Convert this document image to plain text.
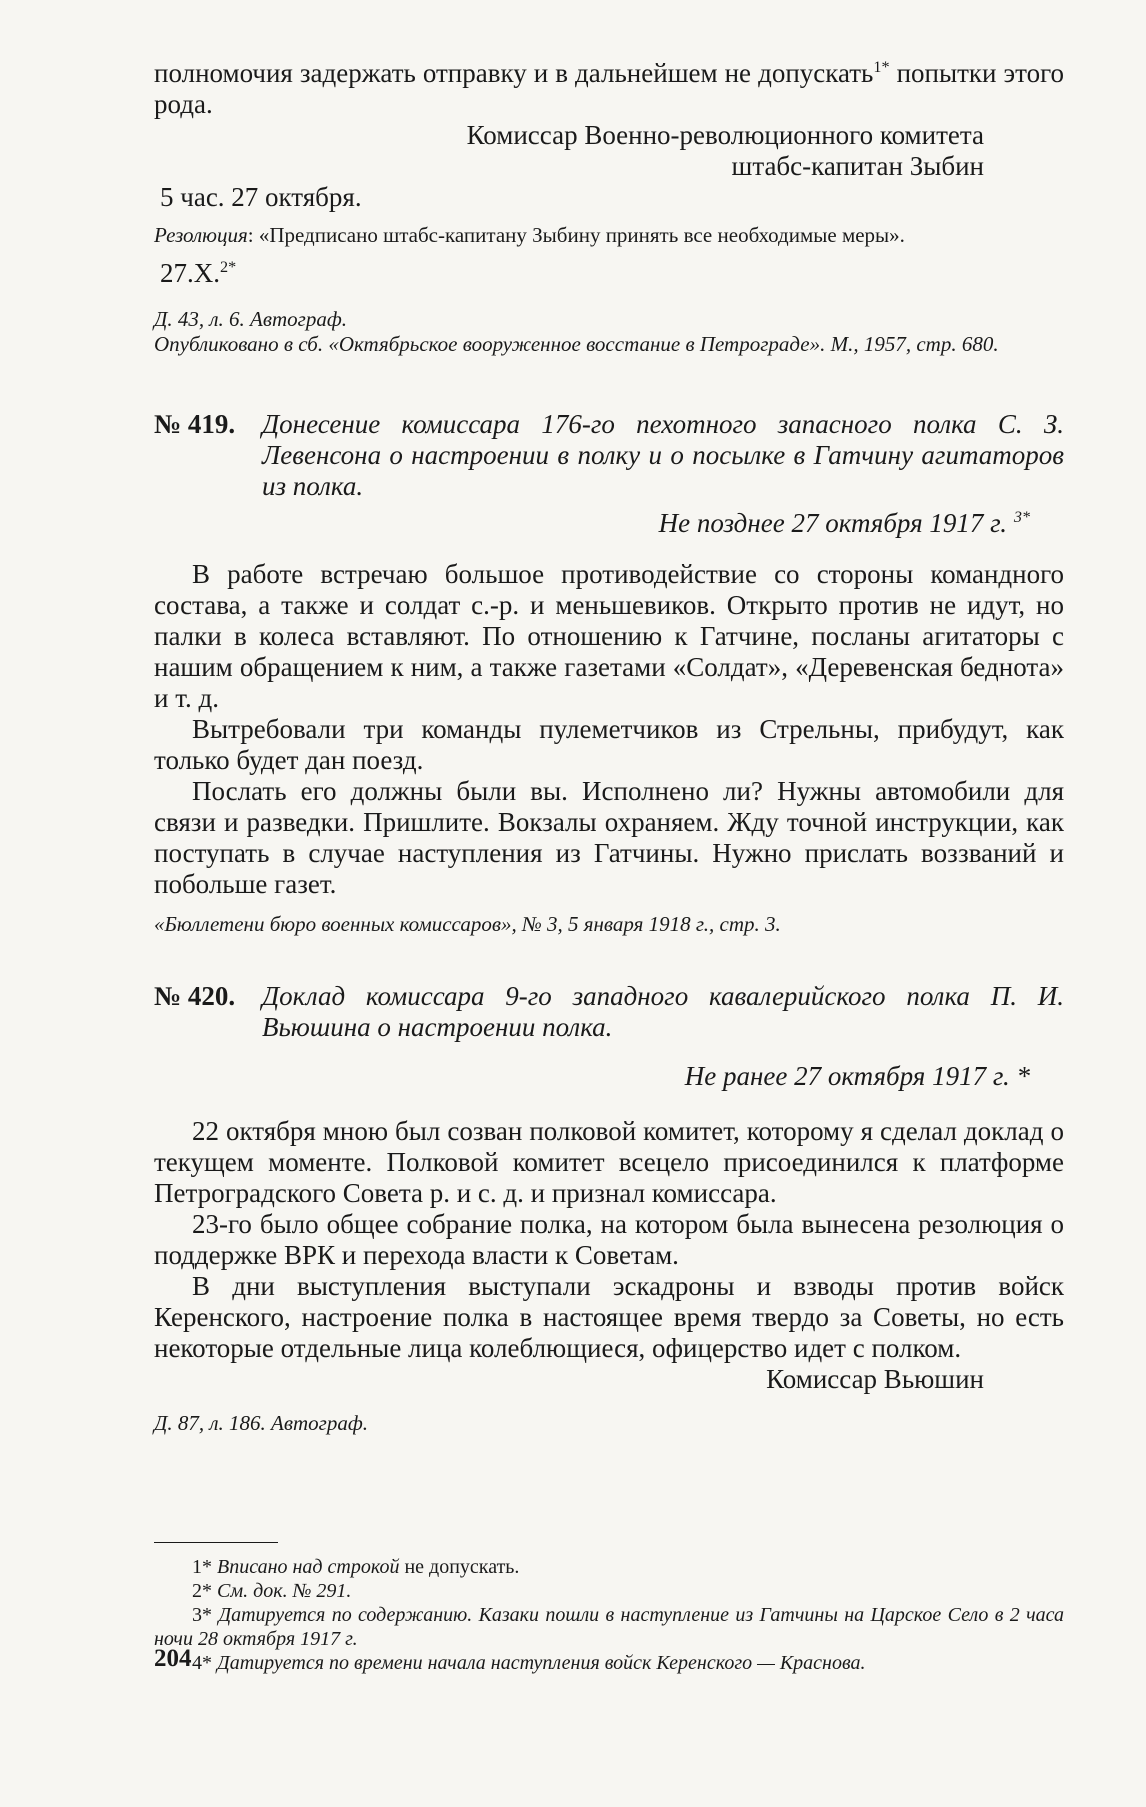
полномочия задержать отправку и в дальнейшем не допускать$^{1*}$ попытки этого рода.

Комиссар Военно-революционного комитета
штабс-капитан Зыбин

5 час. 27 октября.

Резолюция: «Предписано штабс-капитану Зыбину принять все необходимые меры».

27.X.$^{2*}$

Д. 43, л. 6. Автограф.

Опубликовано в сб. «Октябрьское вооруженное восстание в Петрограде». М., 1957, стр. 680.

№ 419. Донесение комиссара 176-го пехотного запасного полка С. З. Левенсона о настроении в полку и о посылке в Гатчину агитаторов из полка.
Не позднее 27 октября 1917 г. $^{3*}$

В работе встречаю большое противодействие со стороны командного состава, а также и солдат с.-р. и меньшевиков. Открыто против не идут, но палки в колеса вставляют. По отношению к Гатчине, посланы агитаторы с нашим обращением к ним, а также газетами «Солдат», «Деревенская беднота» и т. д.

Вытребовали три команды пулеметчиков из Стрельны, прибудут, как только будет дан поезд.

Послать его должны были вы. Исполнено ли? Нужны автомобили для связи и разведки. Пришлите. Вокзалы охраняем. Жду точной инструкции, как поступать в случае наступления из Гатчины. Нужно прислать воззваний и побольше газет.

«Бюллетени бюро военных комиссаров», № 3, 5 января 1918 г., стр. 3.

№ 420. Доклад комиссара 9-го западного кавалерийского полка П. И. Вьюшина о настроении полка.
Не ранее 27 октября 1917 г. *

22 октября мною был созван полковой комитет, которому я сделал доклад о текущем моменте. Полковой комитет всецело присоединился к платформе Петроградского Совета р. и с. д. и признал комиссара.

23-го было общее собрание полка, на котором была вынесена резолюция о поддержке ВРК и перехода власти к Советам.

В дни выступления выступали эскадроны и взводы против войск Керенского, настроение полка в настоящее время твердо за Советы, но есть некоторые отдельные лица колеблющиеся, офицерство идет с полком.

Комиссар Вьюшин

Д. 87, л. 186. Автограф.

1* Вписано над строкой не допускать.

2* См. док. № 291.

3* Датируется по содержанию. Казаки пошли в наступление из Гатчины на Царское Село в 2 часа ночи 28 октября 1917 г.

4* Датируется по времени начала наступления войск Керенского — Краснова.

204
